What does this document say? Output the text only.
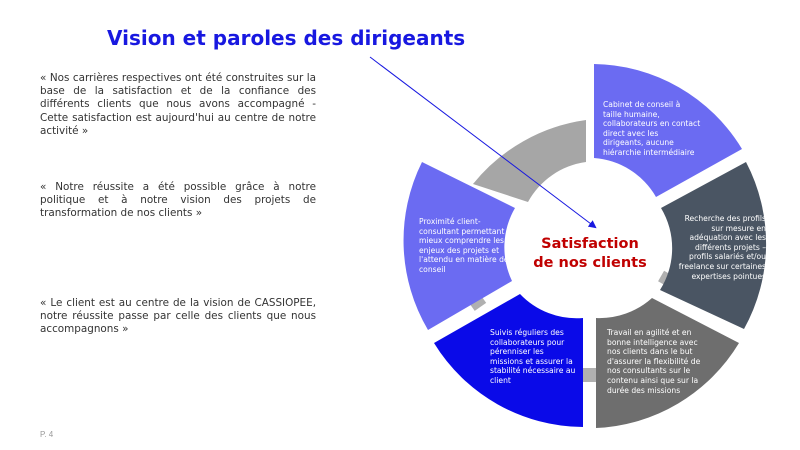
Vision et paroles des dirigeants
« Nos carrières respectives ont été construites sur la base de la satisfaction et de la confiance des différents clients que nous avons accompagné - Cette satisfaction est aujourd'hui au centre de notre activité »
« Notre réussite a été possible grâce à notre politique et à notre vision des projets de transformation de nos clients »
« Le client est au centre de la vision de CASSIOPEE, notre réussite passe par celle des clients que nous accompagnons »
Cabinet de conseil à taille humaine, collaborateurs en contact direct avec les dirigeants, aucune hiérarchie intermédiaire
Recherche des profils sur mesure en adéquation avec les différents projets – profils salariés et/ou freelance sur certaines expertises pointues
Travail en agilité et en bonne intelligence avec nos clients dans le but d'assurer la flexibilité de nos consultants sur le contenu ainsi que sur la durée des missions
Suivis réguliers des collaborateurs pour pérenniser les missions et assurer la stabilité nécessaire au client
Proximité client-consultant permettant de mieux comprendre les enjeux des projets et l'attendu en matière de conseil
Satisfaction
de nos clients
P. 4
